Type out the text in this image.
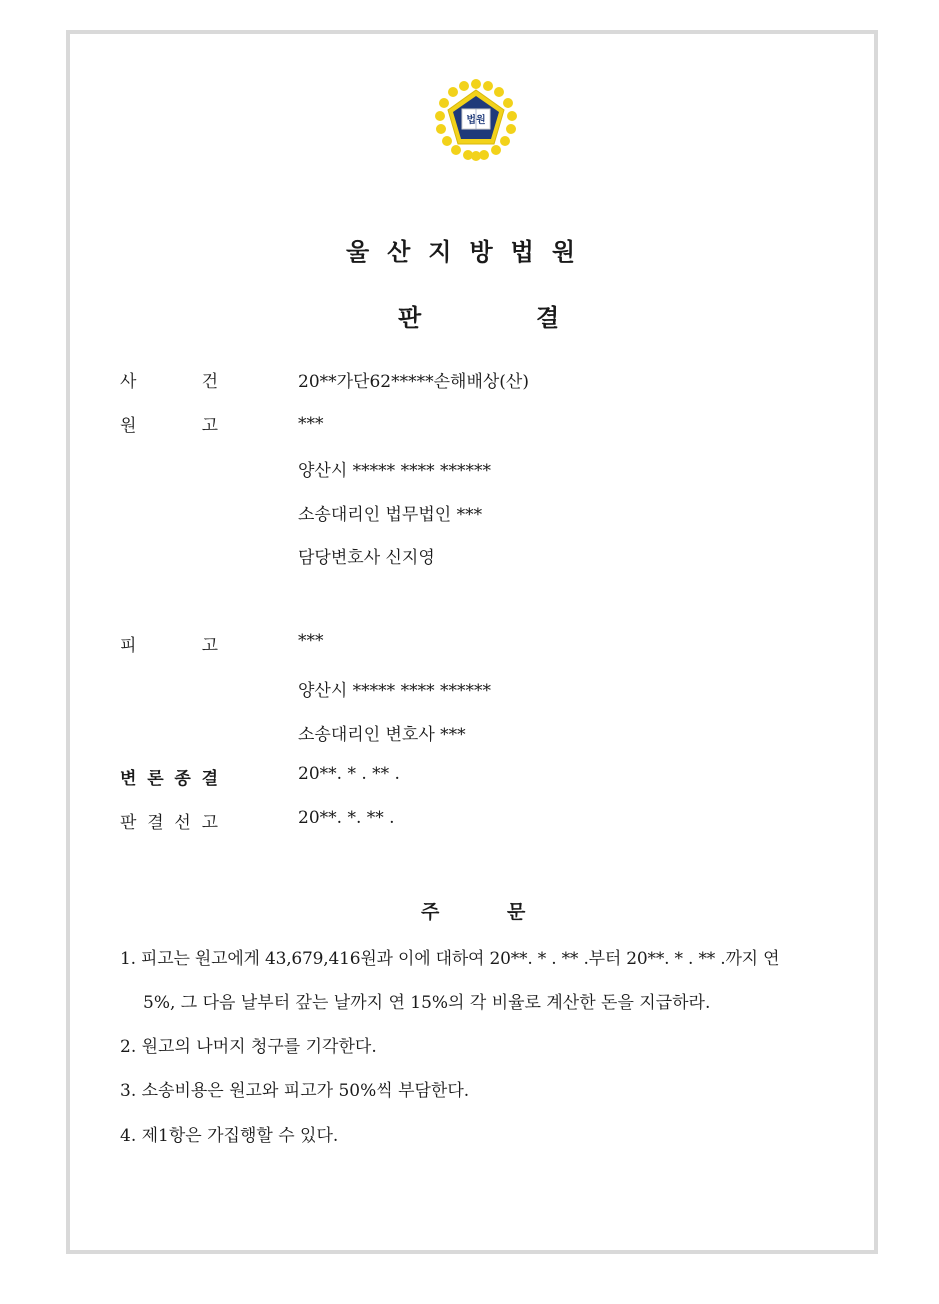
법원
울산지방법원
판	결
사	건	20**가단62*****손해배상(산)
원	고	***
양산시 ***** **** ******
소송대리인 법무법인 ***
담당변호사 신지영
피	고	***
양산시 ***** **** ******
소송대리인 변호사 ***
변 론 종 결	20**. * . ** .
판 결 선 고	20**. *. ** .
주	문
1. 피고는 원고에게 43,679,416원과 이에 대하여 20**. * . ** .부터 20**. * . ** .까지 연
5%, 그 다음 날부터 갚는 날까지 연 15%의 각 비율로 계산한 돈을 지급하라.
2. 원고의 나머지 청구를 기각한다.
3. 소송비용은 원고와 피고가 50%씩 부담한다.
4. 제1항은 가집행할 수 있다.
